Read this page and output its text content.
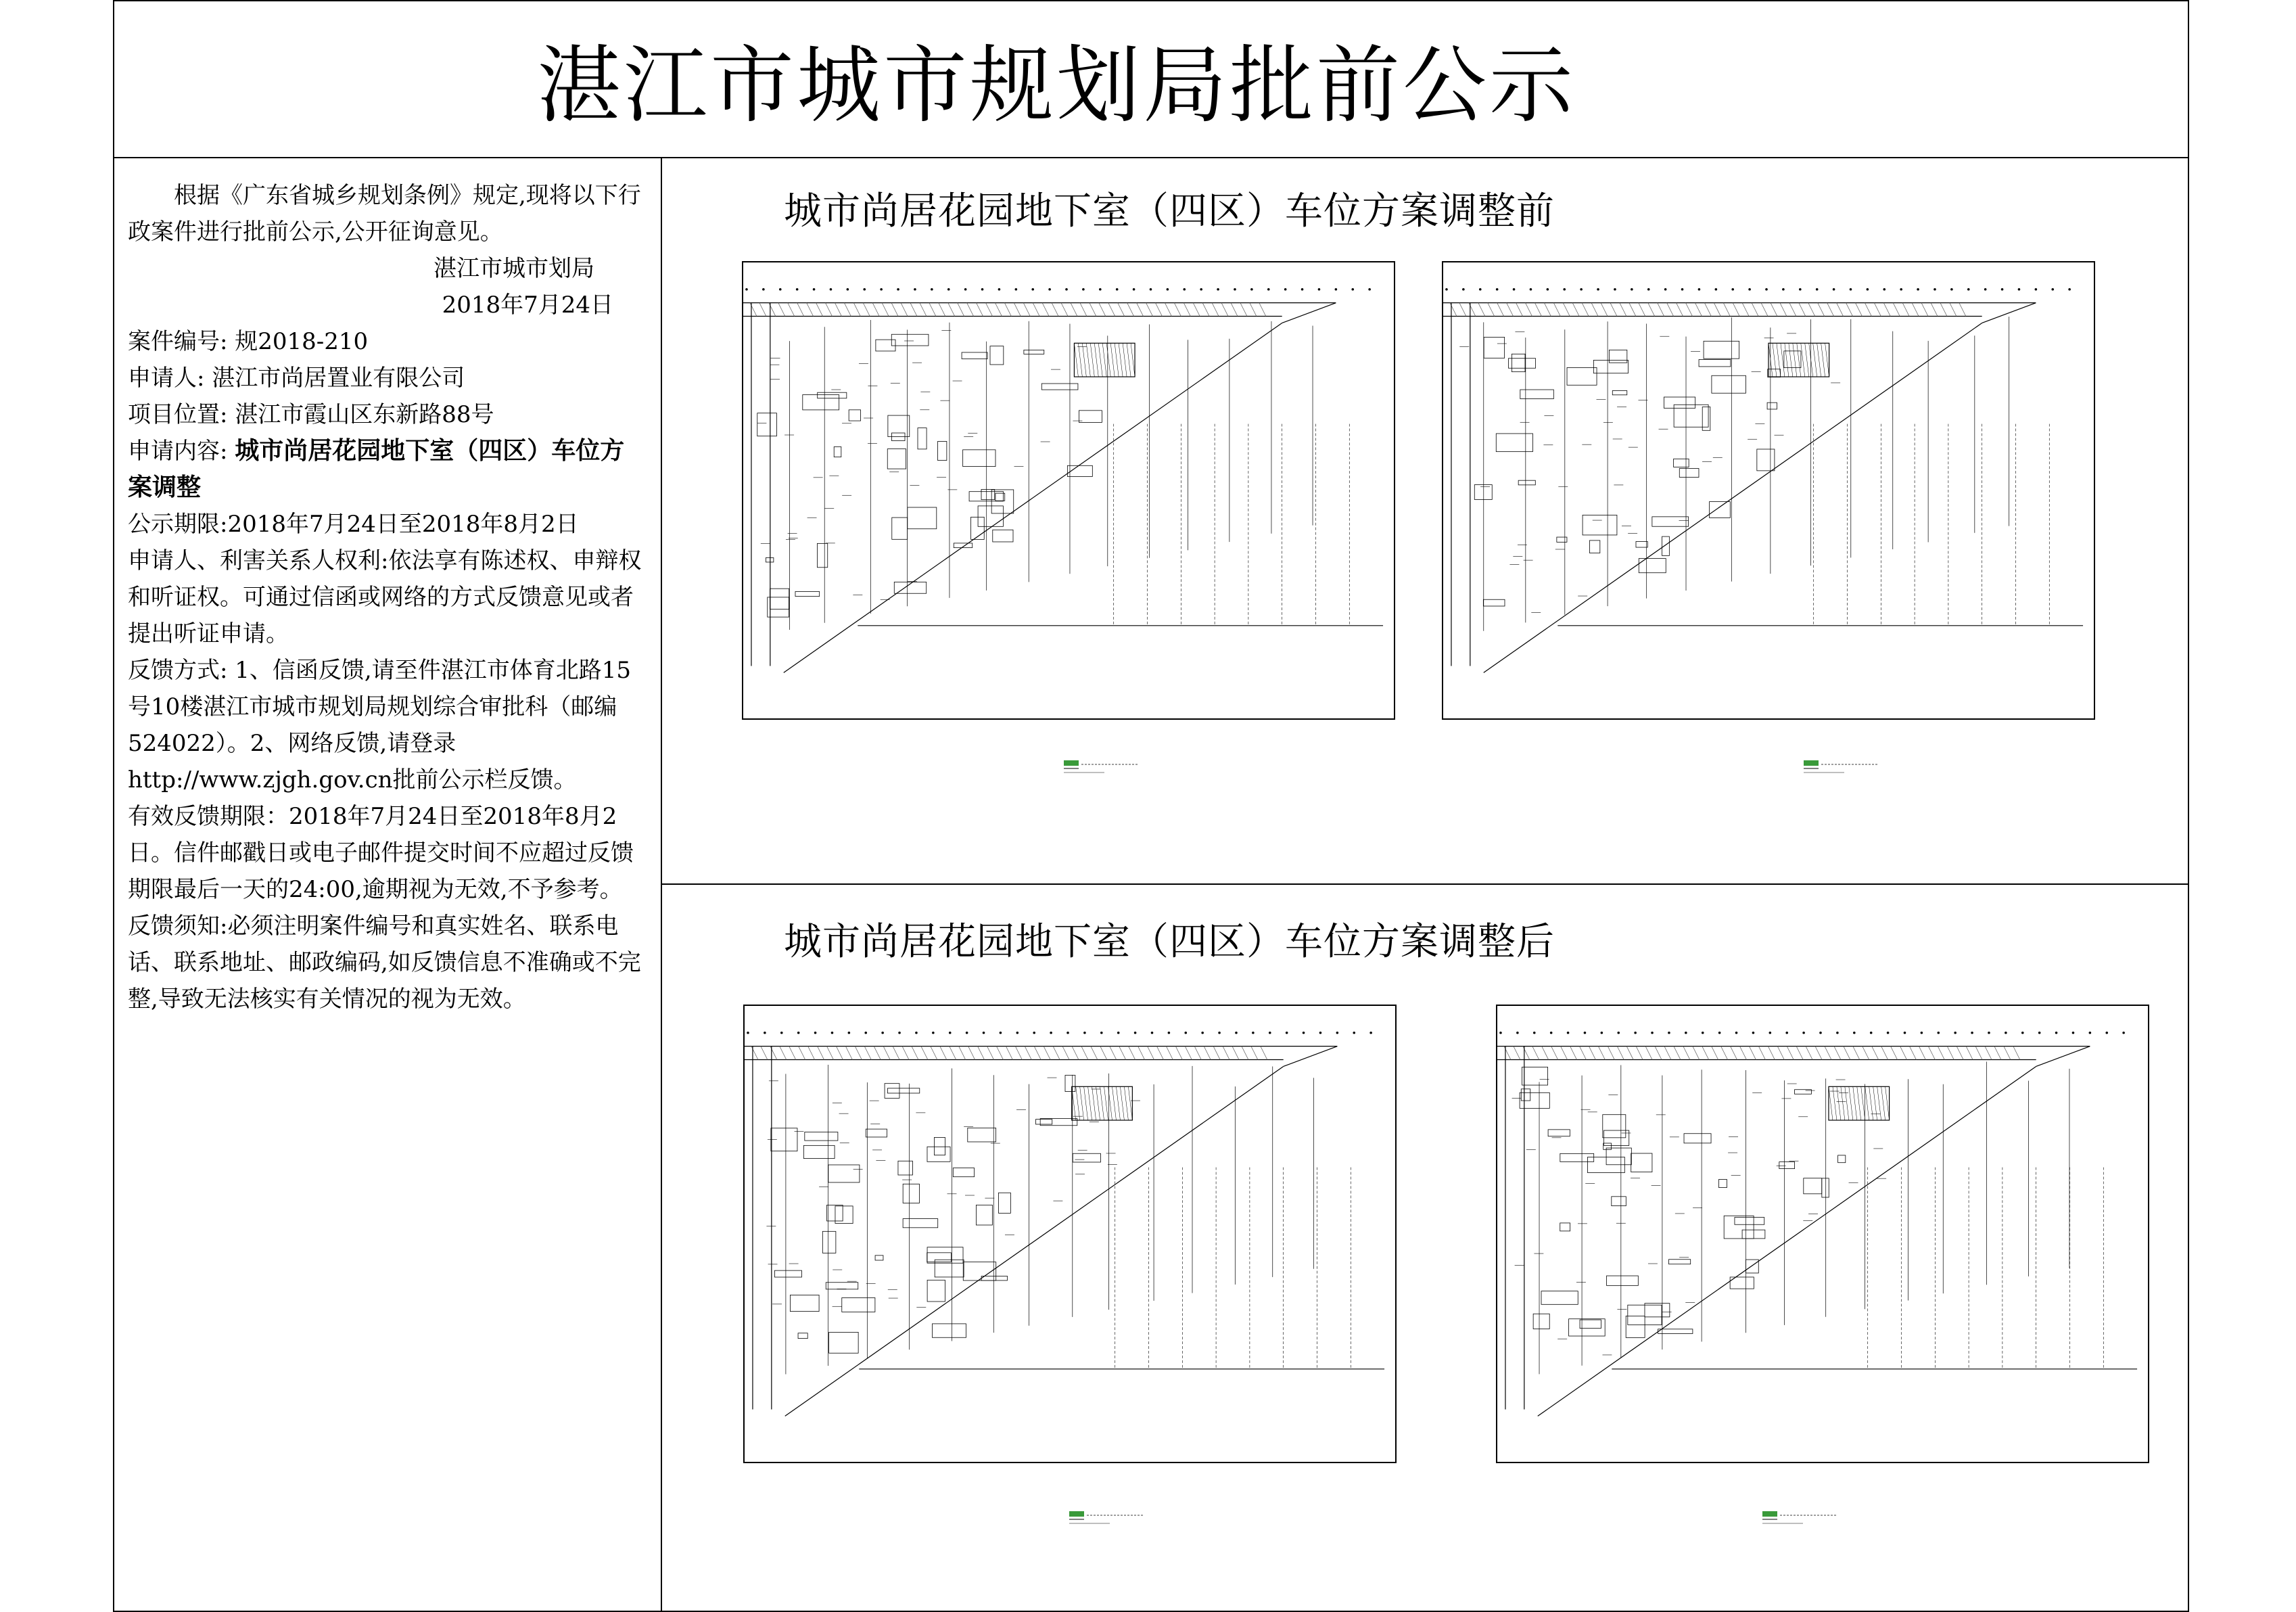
湛江市城市规划局批前公示

根据《广东省城乡规划条例》规定,现将以下行政案件进行批前公示,公开征询意见。

湛江市城市划局

2018年7月24日

案件编号: 规2018-210

申请人: 湛江市尚居置业有限公司

项目位置: 湛江市霞山区东新路88号

申请内容: 城市尚居花园地下室（四区）车位方案调整

公示期限:2018年7月24日至2018年8月2日

申请人、利害关系人权利:依法享有陈述权、申辩权和听证权。可通过信函或网络的方式反馈意见或者提出听证申请。

反馈方式: 1、信函反馈,请至件湛江市体育北路15号10楼湛江市城市规划局规划综合审批科（邮编524022）。2、网络反馈,请登录http://www.zjgh.gov.cn批前公示栏反馈。

有效反馈期限：2018年7月24日至2018年8月2日。信件邮戳日或电子邮件提交时间不应超过反馈期限最后一天的24:00,逾期视为无效,不予参考。

反馈须知:必须注明案件编号和真实姓名、联系电话、联系地址、邮政编码,如反馈信息不准确或不完整,导致无法核实有关情况的视为无效。

城市尚居花园地下室（四区）车位方案调整前
城市尚居花园地下室（四区）车位方案调整后
